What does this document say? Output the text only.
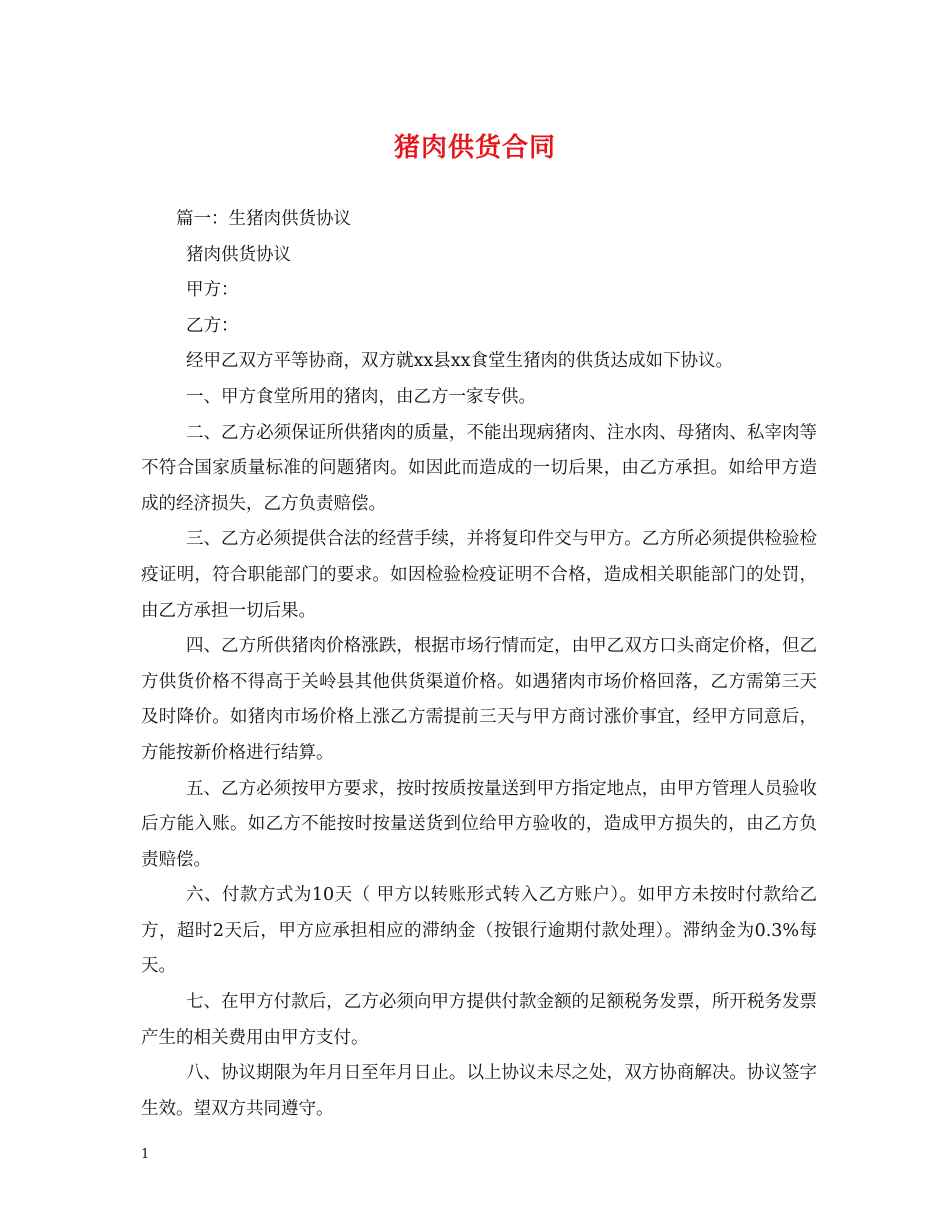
猪肉供货合同
篇一：生猪肉供货协议
猪肉供货协议
甲方：
乙方：
经甲乙双方平等协商，双方就xx县xx食堂生猪肉的供货达成如下协议。

一、甲方食堂所用的猪肉，由乙方一家专供。

二、乙方必须保证所供猪肉的质量，不能出现病猪肉、注水肉、母猪肉、私宰肉等不符合国家质量标准的问题猪肉。如因此而造成的一切后果，由乙方承担。如给甲方造成的经济损失，乙方负责赔偿。

三、乙方必须提供合法的经营手续，并将复印件交与甲方。乙方所必须提供检验检疫证明，符合职能部门的要求。如因检验检疫证明不合格，造成相关职能部门的处罚，由乙方承担一切后果。

四、乙方所供猪肉价格涨跌，根据市场行情而定，由甲乙双方口头商定价格，但乙方供货价格不得高于关岭县其他供货渠道价格。如遇猪肉市场价格回落，乙方需第三天及时降价。如猪肉市场价格上涨乙方需提前三天与甲方商讨涨价事宜，经甲方同意后，方能按新价格进行结算。

五、乙方必须按甲方要求，按时按质按量送到甲方指定地点，由甲方管理人员验收后方能入账。如乙方不能按时按量送货到位给甲方验收的，造成甲方损失的，由乙方负责赔偿。

六、付款方式为10天（ 甲方以转账形式转入乙方账户）。如甲方未按时付款给乙方，超时2天后，甲方应承担相应的滞纳金（按银行逾期付款处理）。滞纳金为0.3%每天。

七、在甲方付款后，乙方必须向甲方提供付款金额的足额税务发票，所开税务发票产生的相关费用由甲方支付。

八、协议期限为年月日至年月日止。以上协议未尽之处，双方协商解决。协议签字生效。望双方共同遵守。

1
